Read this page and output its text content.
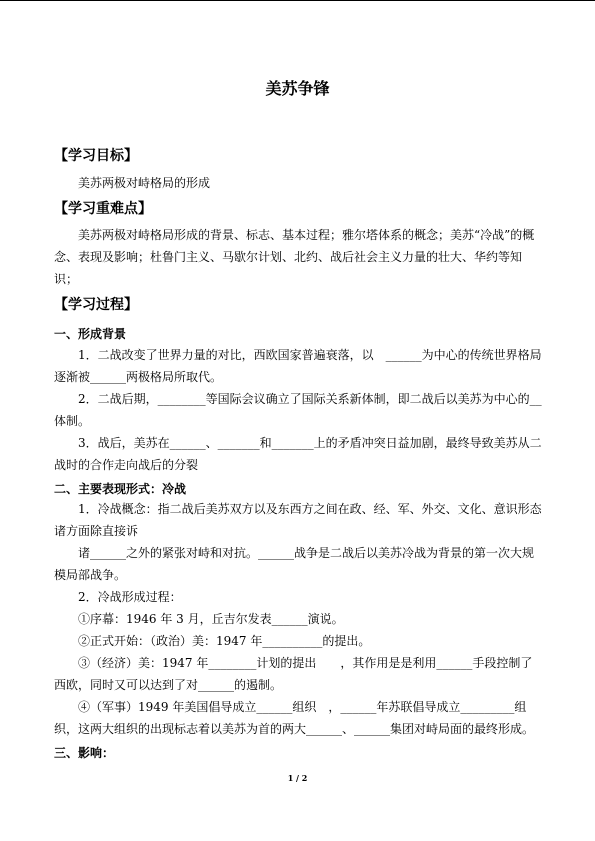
美苏争锋
【学习目标】
美苏两极对峙格局的形成
【学习重难点】
美苏两极对峙格局形成的背景、标志、基本过程；雅尔塔体系的概念；美苏“冷战”的概念、表现及影响；杜鲁门主义、马歇尔计划、北约、战后社会主义力量的壮大、华约等知识；
【学习过程】
一、形成背景
1．二战改变了世界力量的对比，西欧国家普遍衰落，以　______为中心的传统世界格局逐渐被______两极格局所取代。
2．二战后期，________等国际会议确立了国际关系新体制，即二战后以美苏为中心的__体制。
3．战后，美苏在______、_______和_______上的矛盾冲突日益加剧，最终导致美苏从二战时的合作走向战后的分裂
二、主要表现形式：冷战
1．冷战概念：指二战后美苏双方以及东西方之间在政、经、军、外交、文化、意识形态诸方面除直接诉
诸______之外的紧张对峙和对抗。______战争是二战后以美苏冷战为背景的第一次大规模局部战争。
2．冷战形成过程：
①序幕：1946 年 3 月，丘吉尔发表______演说。
②正式开始：（政治）美：1947 年__________的提出。
③（经济）美：1947 年________计划的提出　　，其作用是是利用______手段控制了西欧，同时又可以达到了对______的遏制。
④（军事）1949 年美国倡导成立______组织　，______年苏联倡导成立_________组织，这两大组织的出现标志着以美苏为首的两大______、______集团对峙局面的最终形成。
三、影响：
1 / 2
